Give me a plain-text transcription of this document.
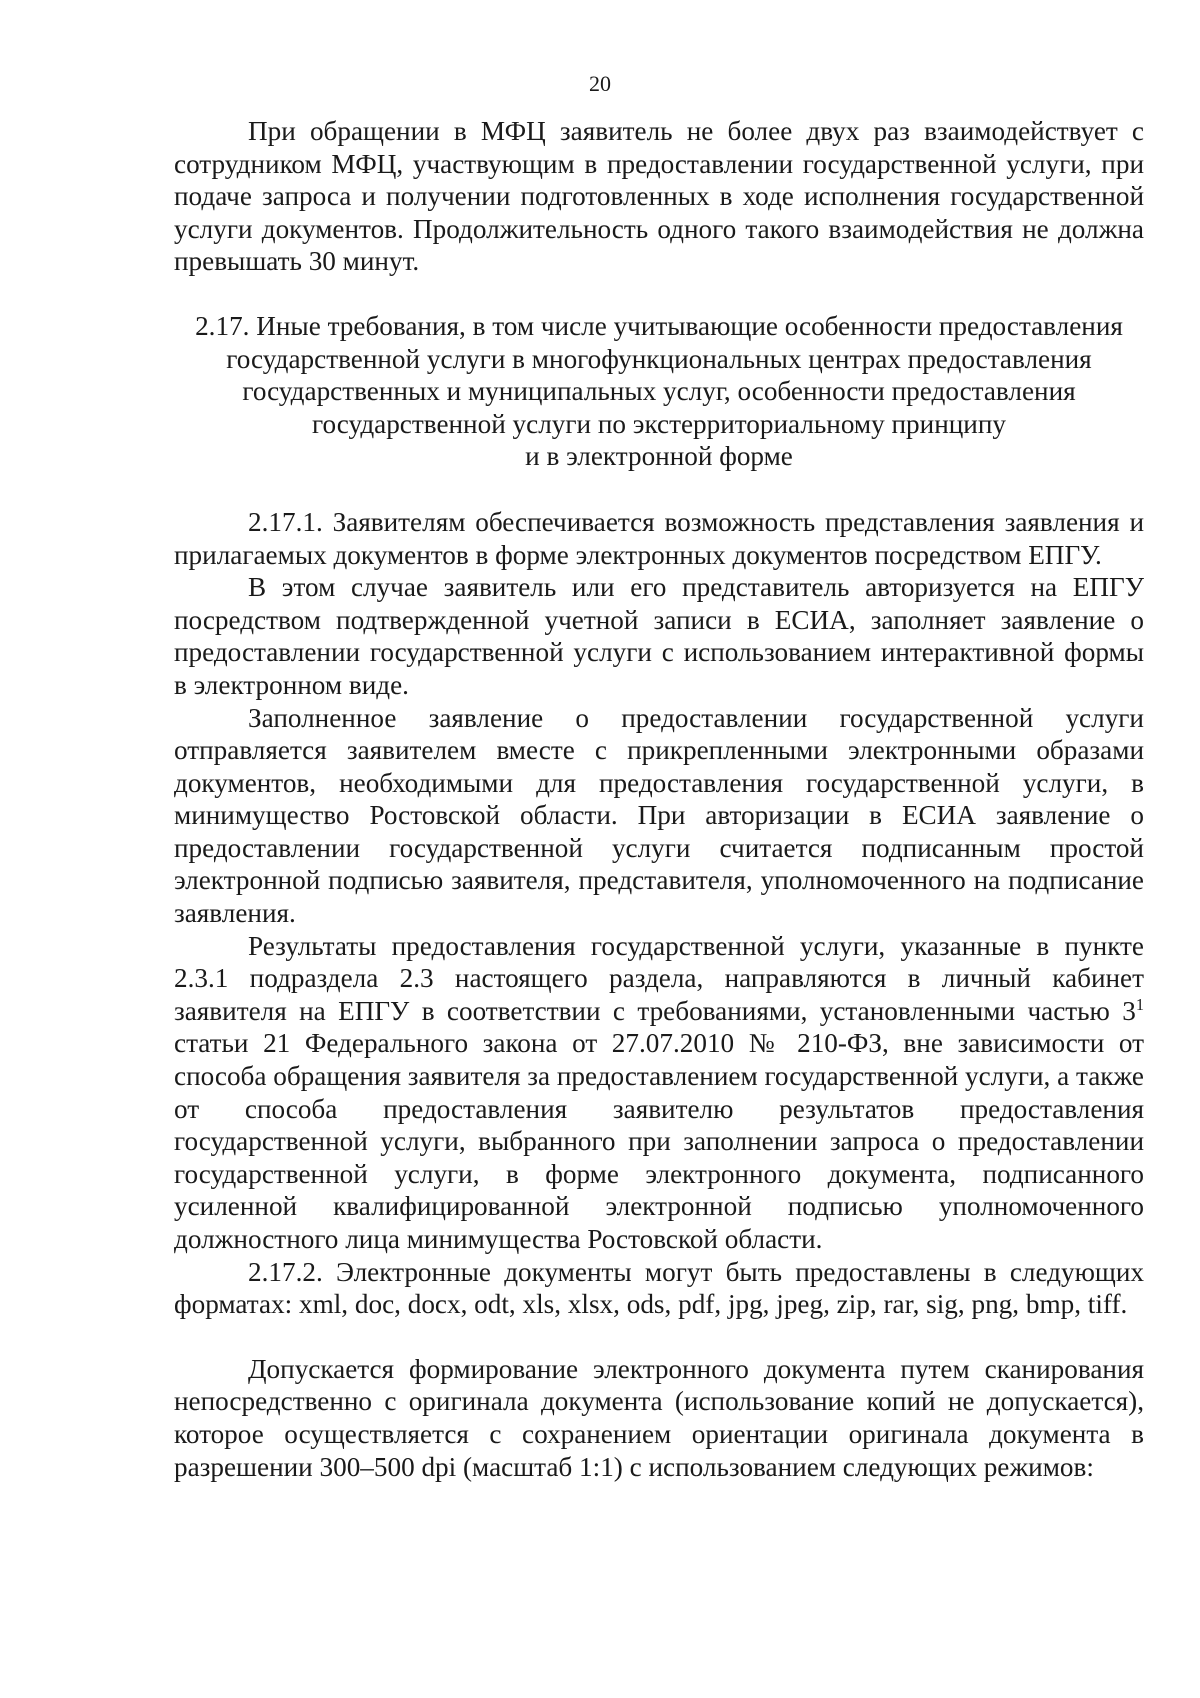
20

При обращении в МФЦ заявитель не более двух раз взаимодействует с сотрудником МФЦ, участвующим в предоставлении государственной услуги, при подаче запроса и получении подготовленных в ходе исполнения государственной услуги документов. Продолжительность одного такого взаимодействия не должна превышать 30 минут.

2.17. Иные требования, в том числе учитывающие особенности предоставления
государственной услуги в многофункциональных центрах предоставления
государственных и муниципальных услуг, особенности предоставления
государственной услуги по экстерриториальному принципу
и в электронной форме

2.17.1. Заявителям обеспечивается возможность представления заявления и прилагаемых документов в форме электронных документов посредством ЕПГУ.

В этом случае заявитель или его представитель авторизуется на ЕПГУ посредством подтвержденной учетной записи в ЕСИА, заполняет заявление о предоставлении государственной услуги с использованием интерактивной формы в электронном виде.

Заполненное заявление о предоставлении государственной услуги отправляется заявителем вместе с прикрепленными электронными образами документов, необходимыми для предоставления государственной услуги, в минимущество Ростовской области. При авторизации в ЕСИА заявление о предоставлении государственной услуги считается подписанным простой электронной подписью заявителя, представителя, уполномоченного на подписание заявления.

Результаты предоставления государственной услуги, указанные в пункте 2.3.1 подраздела 2.3 настоящего раздела, направляются в личный кабинет заявителя на ЕПГУ в соответствии с требованиями, установленными частью $3^1$ статьи 21 Федерального закона от 27.07.2010 № 210-ФЗ, вне зависимости от способа обращения заявителя за предоставлением государственной услуги, а также от способа предоставления заявителю результатов предоставления государственной услуги, выбранного при заполнении запроса о предоставлении государственной услуги, в форме электронного документа, подписанного усиленной квалифицированной электронной подписью уполномоченного должностного лица минимущества Ростовской области.

2.17.2. Электронные документы могут быть предоставлены в следующих форматах: xml, doc, docx, odt, xls, xlsx, ods, pdf, jpg, jpeg, zip, rar, sig, png, bmp, tiff.

Допускается формирование электронного документа путем сканирования непосредственно с оригинала документа (использование копий не допускается), которое осуществляется с сохранением ориентации оригинала документа в разрешении 300–500 dpi (масштаб 1:1) с использованием следующих режимов:
